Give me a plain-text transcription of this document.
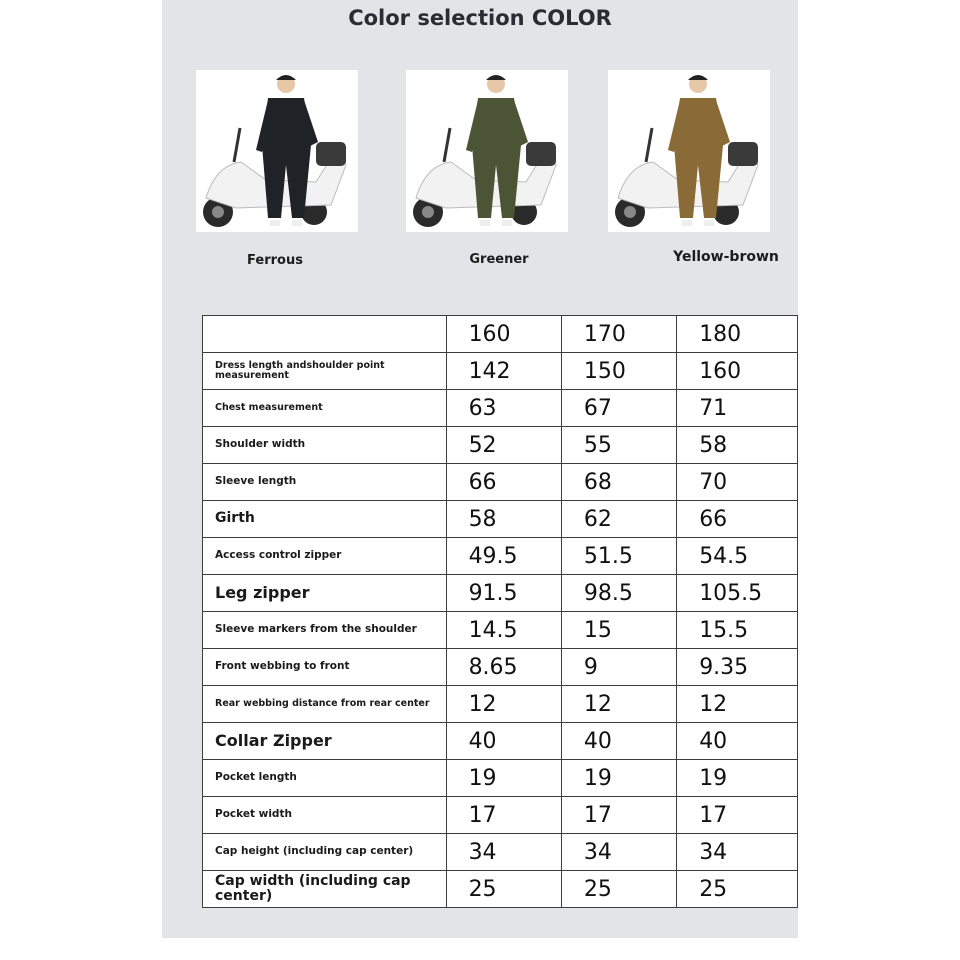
Color selection COLOR
Ferrous	Greener	Yellow-brown
	160	170	180
Dress length andshoulder point measurement	142	150	160
Chest measurement	63	67	71
Shoulder width	52	55	58
Sleeve length	66	68	70
Girth	58	62	66
Access control zipper	49.5	51.5	54.5
Leg zipper	91.5	98.5	105.5
Sleeve markers from the shoulder	14.5	15	15.5
Front webbing to front	8.65	9	9.35
Rear webbing distance from rear center	12	12	12
Collar Zipper	40	40	40
Pocket length	19	19	19
Pocket width	17	17	17
Cap height (including cap center)	34	34	34
Cap width (including cap center)	25	25	25
